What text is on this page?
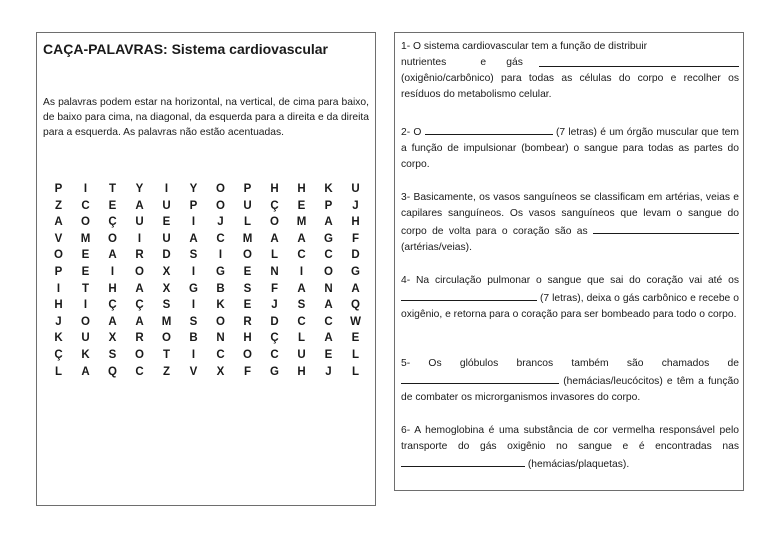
CAÇA-PALAVRAS: Sistema cardiovascular
As palavras podem estar na horizontal, na vertical, de cima para baixo, de baixo para cima, na diagonal, da esquerda para a direita e da direita para a esquerda. As palavras não estão acentuadas.
P	I	T	Y	I	Y	O	P	H	H	K	U
Z	C	E	A	U	P	O	U	Ç	E	P	J
A	O	Ç	U	E	I	J	L	O	M	A	H
V	M	O	I	U	A	C	M	A	A	G	F
O	E	A	R	D	S	I	O	L	C	C	D
P	E	I	O	X	I	G	E	N	I	O	G
I	T	H	A	X	G	B	S	F	A	N	A
H	I	Ç	Ç	S	I	K	E	J	S	A	Q
J	O	A	A	M	S	O	R	D	C	C	W
K	U	X	R	O	B	N	H	Ç	L	A	E
Ç	K	S	O	T	I	C	O	C	U	E	L
L	A	Q	C	Z	V	X	F	G	H	J	L
1- O sistema cardiovascular tem a função de distribuir
nutrientes	e gás
(oxigênio/carbônico) para todas as células do corpo e recolher os resíduos do metabolismo celular.
2- O	(7 letras) é um órgão muscular que tem a função de impulsionar (bombear) o sangue para todas as partes do corpo.
3- Basicamente, os vasos sanguíneos se classificam em artérias, veias e capilares sanguíneos. Os vasos sanguíneos que levam o sangue do corpo de volta para o coração são as  (artérias/veias).
4- Na circulação pulmonar o sangue que sai do coração vai até os  (7 letras), deixa o gás carbônico e recebe o oxigênio, e retorna para o coração para ser bombeado para todo o corpo.
5- Os glóbulos brancos também são chamados de  (hemácias/leucócitos) e têm a função de combater os microrganismos invasores do corpo.
6- A hemoglobina é uma substância de cor vermelha responsável pelo transporte do gás oxigênio no sangue e é encontradas nas  (hemácias/plaquetas).
